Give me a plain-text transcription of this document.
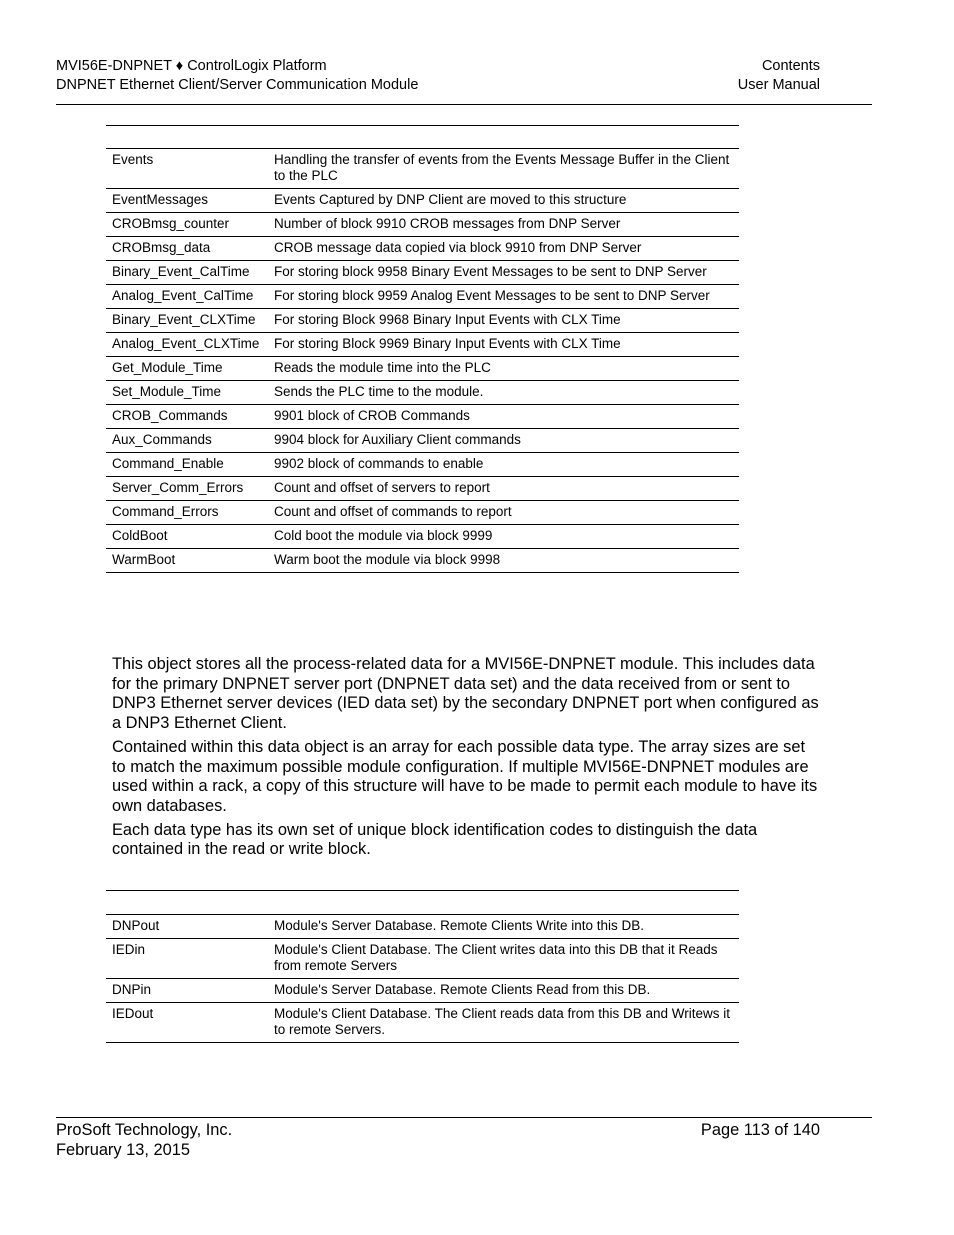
MVI56E-DNPNET ♦ ControlLogix Platform
DNPNET Ethernet Client/Server Communication Module
Contents
User Manual
Events	Handling the transfer of events from the Events Message Buffer in the Client to the PLC
EventMessages	Events Captured by DNP Client are moved to this structure
CROBmsg_counter	Number of block 9910 CROB messages from DNP Server
CROBmsg_data	CROB message data copied via block 9910 from DNP Server
Binary_Event_CalTime	For storing block 9958 Binary Event Messages to be sent to DNP Server
Analog_Event_CalTime	For storing block 9959 Analog Event Messages to be sent to DNP Server
Binary_Event_CLXTime	For storing Block 9968 Binary Input Events with CLX Time
Analog_Event_CLXTime	For storing Block 9969 Binary Input Events with CLX Time
Get_Module_Time	Reads the module time into the PLC
Set_Module_Time	Sends the PLC time to the module.
CROB_Commands	9901 block of CROB Commands
Aux_Commands	9904 block for Auxiliary Client commands
Command_Enable	9902 block of commands to enable
Server_Comm_Errors	Count and offset of servers to report
Command_Errors	Count and offset of commands to report
ColdBoot	Cold boot the module via block 9999
WarmBoot	Warm boot the module via block 9998

This object stores all the process-related data for a MVI56E-DNPNET module. This includes data for the primary DNPNET server port (DNPNET data set) and the data received from or sent to DNP3 Ethernet server devices (IED data set) by the secondary DNPNET port when configured as a DNP3 Ethernet Client.

Contained within this data object is an array for each possible data type. The array sizes are set to match the maximum possible module configuration. If multiple MVI56E-DNPNET modules are used within a rack, a copy of this structure will have to be made to permit each module to have its own databases.

Each data type has its own set of unique block identification codes to distinguish the data contained in the read or write block.

DNPout	Module's Server Database. Remote Clients Write into this DB.
IEDin	Module's Client Database. The Client writes data into this DB that it Reads from remote Servers
DNPin	Module's Server Database. Remote Clients Read from this DB.
IEDout	Module's Client Database. The Client reads data from this DB and Writews it to remote Servers.
ProSoft Technology, Inc.
February 13, 2015
Page 113 of 140
